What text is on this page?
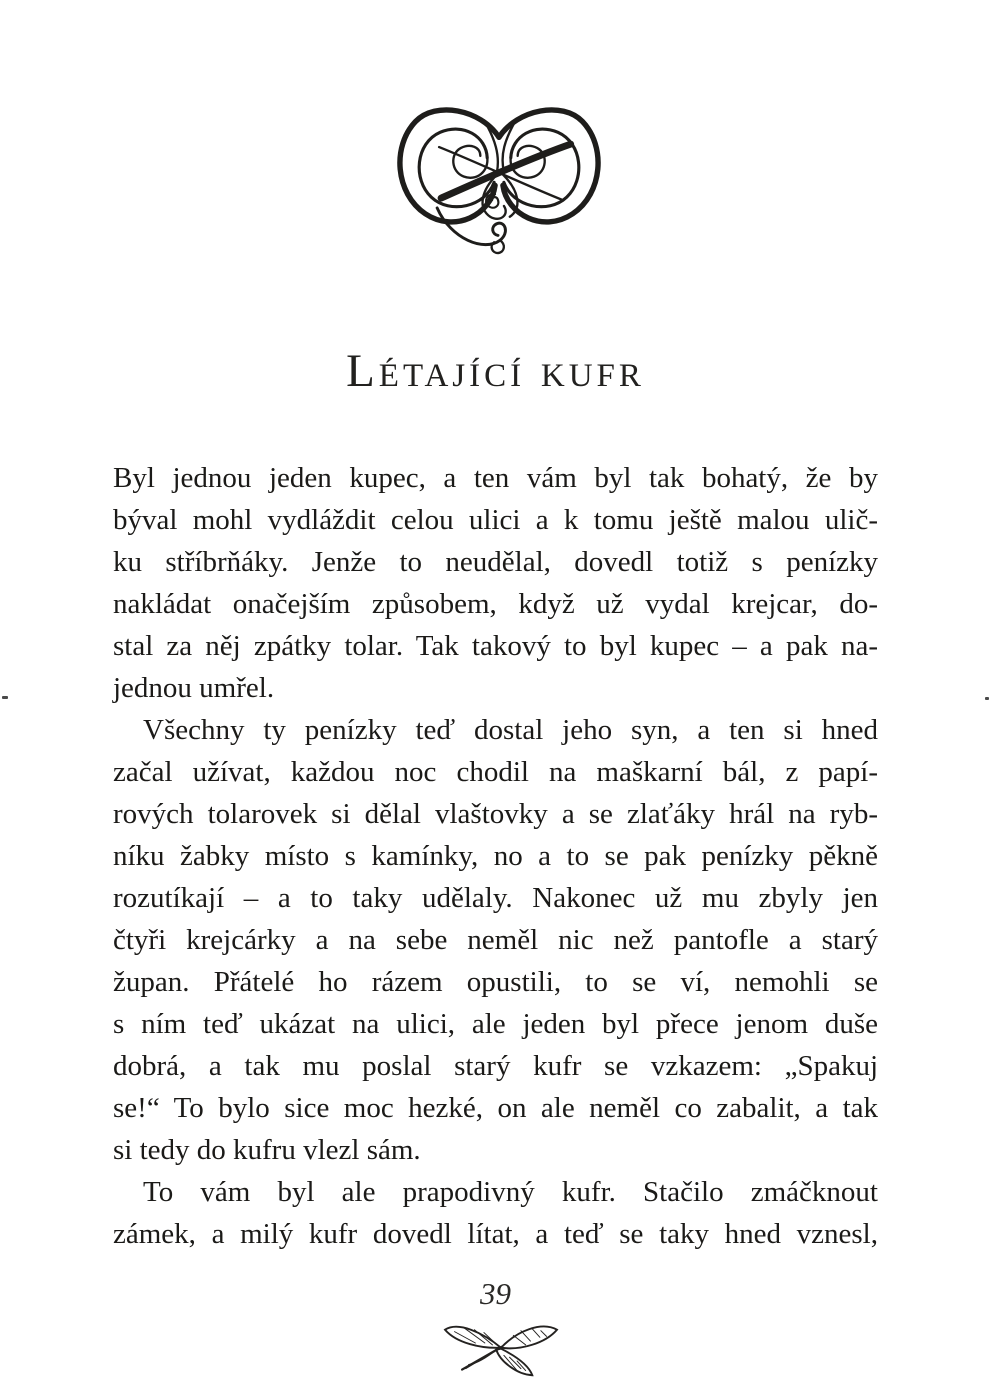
Létající kufr
Byl jednou jeden kupec, a ten vám byl tak bohatý, že by
býval mohl vydláždit celou ulici a k tomu ještě malou ulič-
ku stříbrňáky. Jenže to neudělal, dovedl totiž s penízky
nakládat onačejším způsobem, když už vydal krejcar, do-
stal za něj zpátky tolar. Tak takový to byl kupec – a pak na-
jednou umřel.
Všechny ty penízky teď dostal jeho syn, a ten si hned
začal užívat, každou noc chodil na maškarní bál, z papí-
rových tolarovek si dělal vlaštovky a se zlaťáky hrál na ryb-
níku žabky místo s kamínky, no a to se pak penízky pěkně
rozutíkají – a to taky udělaly. Nakonec už mu zbyly jen
čtyři krejcárky a na sebe neměl nic než pantofle a starý
župan. Přátelé ho rázem opustili, to se ví, nemohli se
s ním teď ukázat na ulici, ale jeden byl přece jenom duše
dobrá, a tak mu poslal starý kufr se vzkazem: „Spakuj
se!“ To bylo sice moc hezké, on ale neměl co zabalit, a tak
si tedy do kufru vlezl sám.
To vám byl ale prapodivný kufr. Stačilo zmáčknout
zámek, a milý kufr dovedl lítat, a teď se taky hned vznesl,
39
